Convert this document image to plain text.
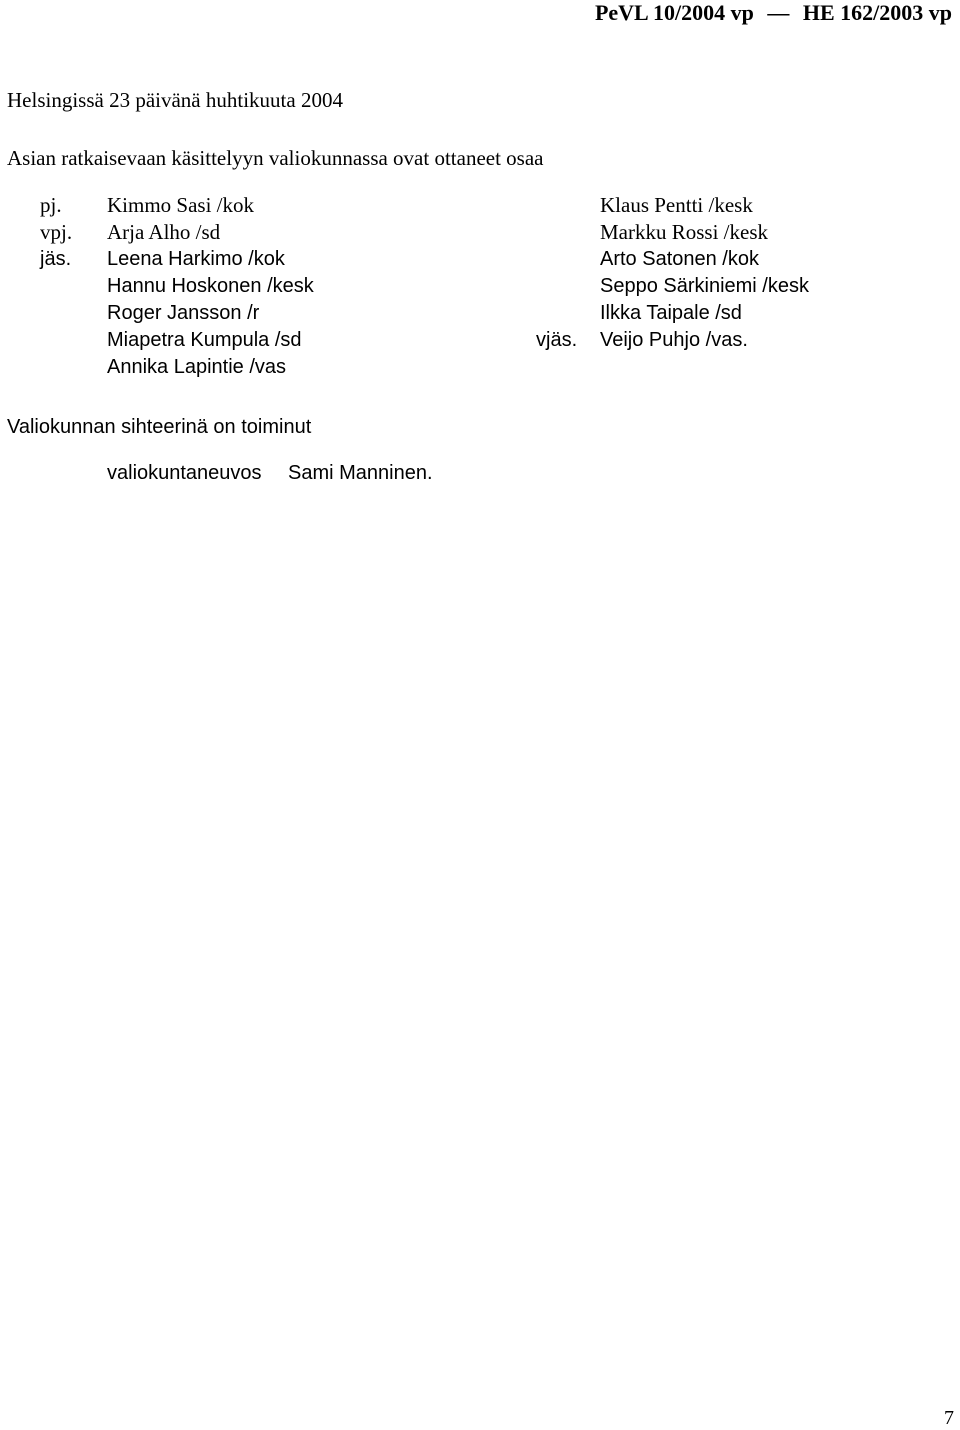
PeVL 10/2004 vp — HE 162/2003 vp
Helsingissä 23 päivänä huhtikuuta 2004
Asian ratkaisevaan käsittelyyn valiokunnassa ovat ottaneet osaa
pj. Kimmo Sasi /kok
vpj. Arja Alho /sd
jäs. Leena Harkimo /kok
Hannu Hoskonen /kesk
Roger Jansson /r
Miapetra Kumpula /sd
Annika Lapintie /vas
Klaus Pentti /kesk
Markku Rossi /kesk
Arto Satonen /kok
Seppo Särkiniemi /kesk
Ilkka Taipale /sd
vjäs. Veijo Puhjo /vas.
Valiokunnan sihteerinä on toiminut
valiokuntaneuvos Sami Manninen.
7
